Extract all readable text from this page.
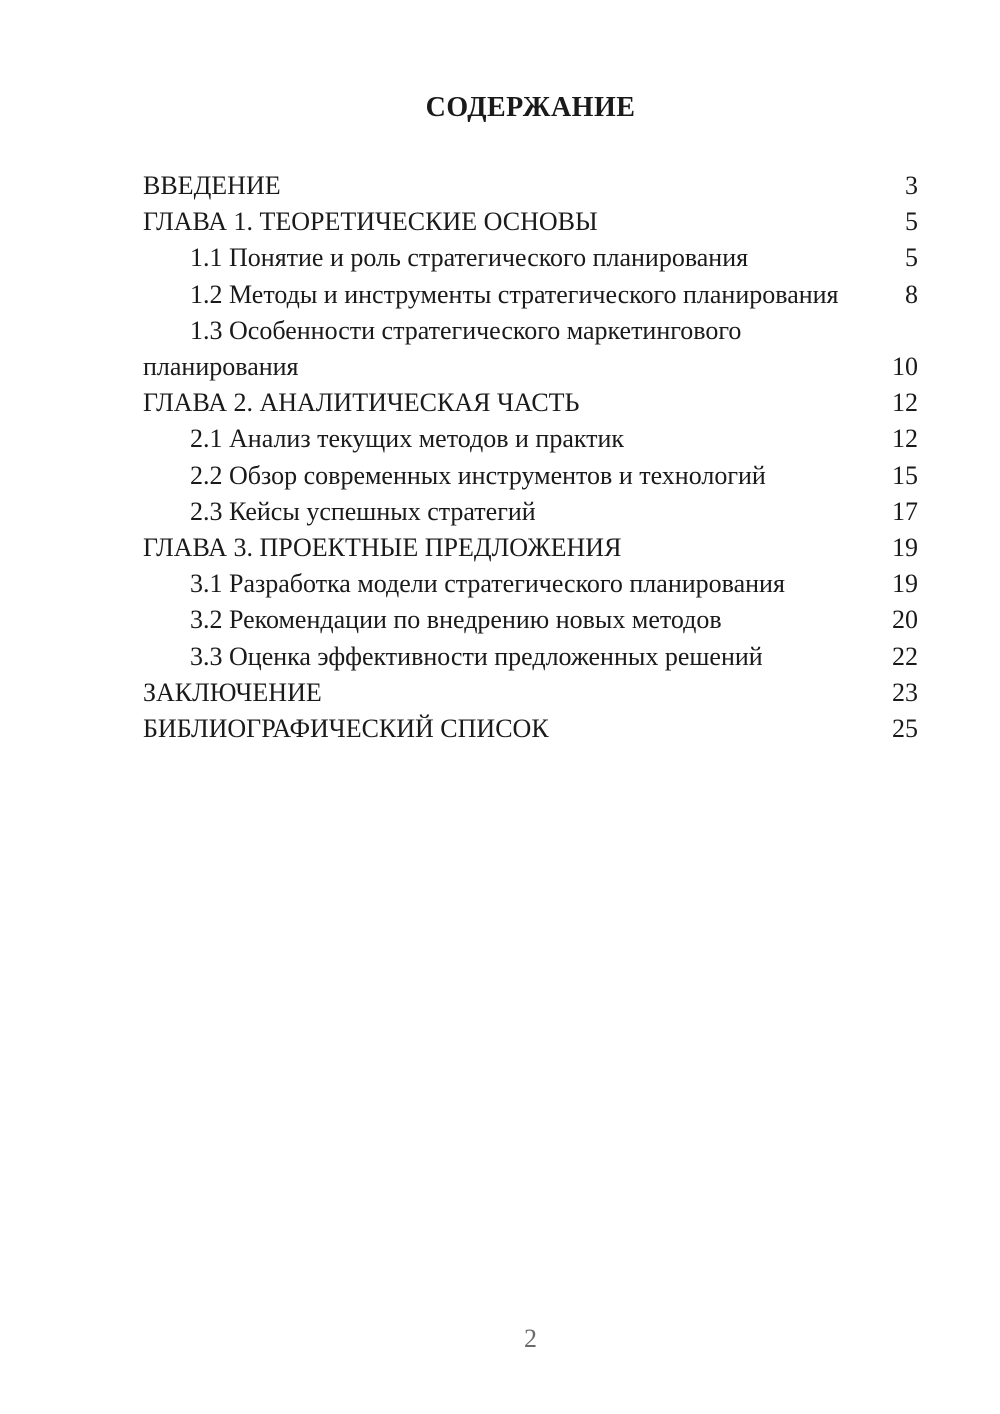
СОДЕРЖАНИЕ
ВВЕДЕНИЕ	3
ГЛАВА 1. ТЕОРЕТИЧЕСКИЕ ОСНОВЫ	5
1.1 Понятие и роль стратегического планирования	5
1.2 Методы и инструменты стратегического планирования	8
1.3 Особенности стратегического маркетингового
планирования	10
ГЛАВА 2. АНАЛИТИЧЕСКАЯ ЧАСТЬ	12
2.1 Анализ текущих методов и практик	12
2.2 Обзор современных инструментов и технологий	15
2.3 Кейсы успешных стратегий	17
ГЛАВА 3. ПРОЕКТНЫЕ ПРЕДЛОЖЕНИЯ	19
3.1 Разработка модели стратегического планирования	19
3.2 Рекомендации по внедрению новых методов	20
3.3 Оценка эффективности предложенных решений	22
ЗАКЛЮЧЕНИЕ	23
БИБЛИОГРАФИЧЕСКИЙ СПИСОК	25
2
